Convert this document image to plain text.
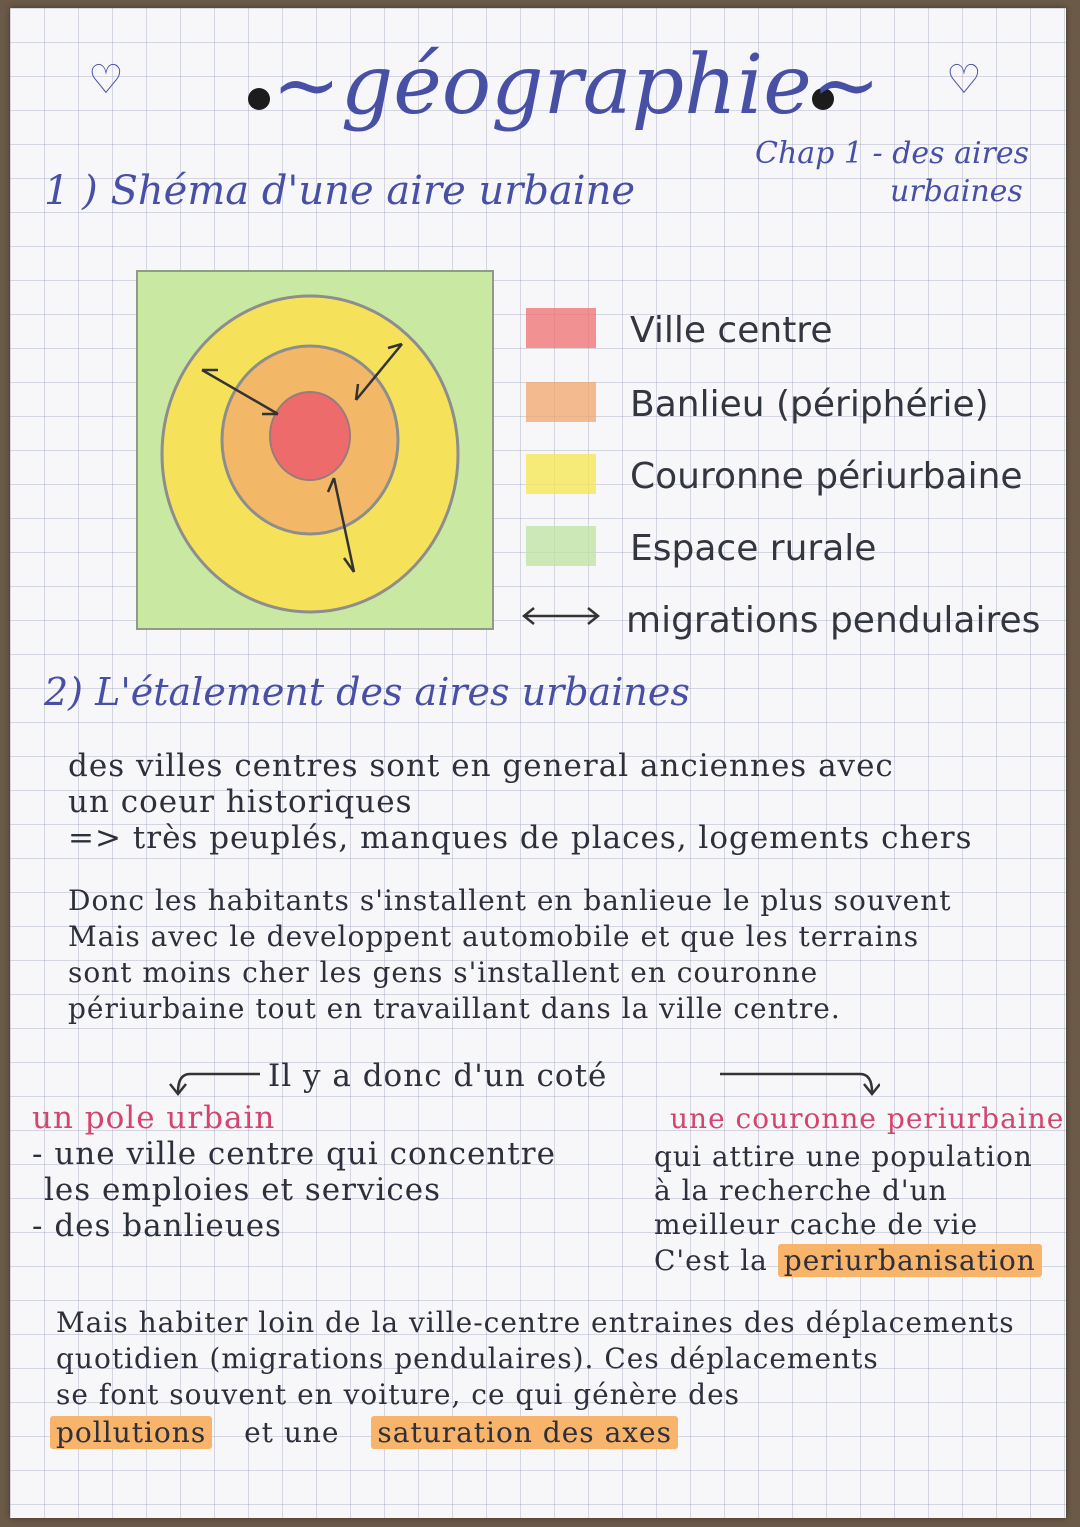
♡	♡
~géographie~
Chap 1 - des aires
urbaines
1 ) Shéma d'une aire urbaine
Ville centre
Banlieu (périphérie)
Couronne périurbaine
Espace rurale
migrations pendulaires
2) L'étalement des aires urbaines
des villes centres sont en general anciennes avec
un coeur historiques
=> très peuplés, manques de places, logements chers
Donc les habitants s'installent en banlieue le plus souvent
Mais avec le developpent automobile et que les terrains
sont moins cher les gens s'installent en couronne
périurbaine tout en travaillant dans la ville centre.
Il y a donc d'un coté
un pole urbain
- une ville centre qui concentre
les emploies et services
- des banlieues
une couronne periurbaine
qui attire une population
à la recherche d'un
meilleur cache de vie
C'est la periurbanisation
Mais habiter loin de la ville-centre entraines des déplacements
quotidien (migrations pendulaires). Ces déplacements
se font souvent en voiture, ce qui génère des
pollutions et une saturation des axes
